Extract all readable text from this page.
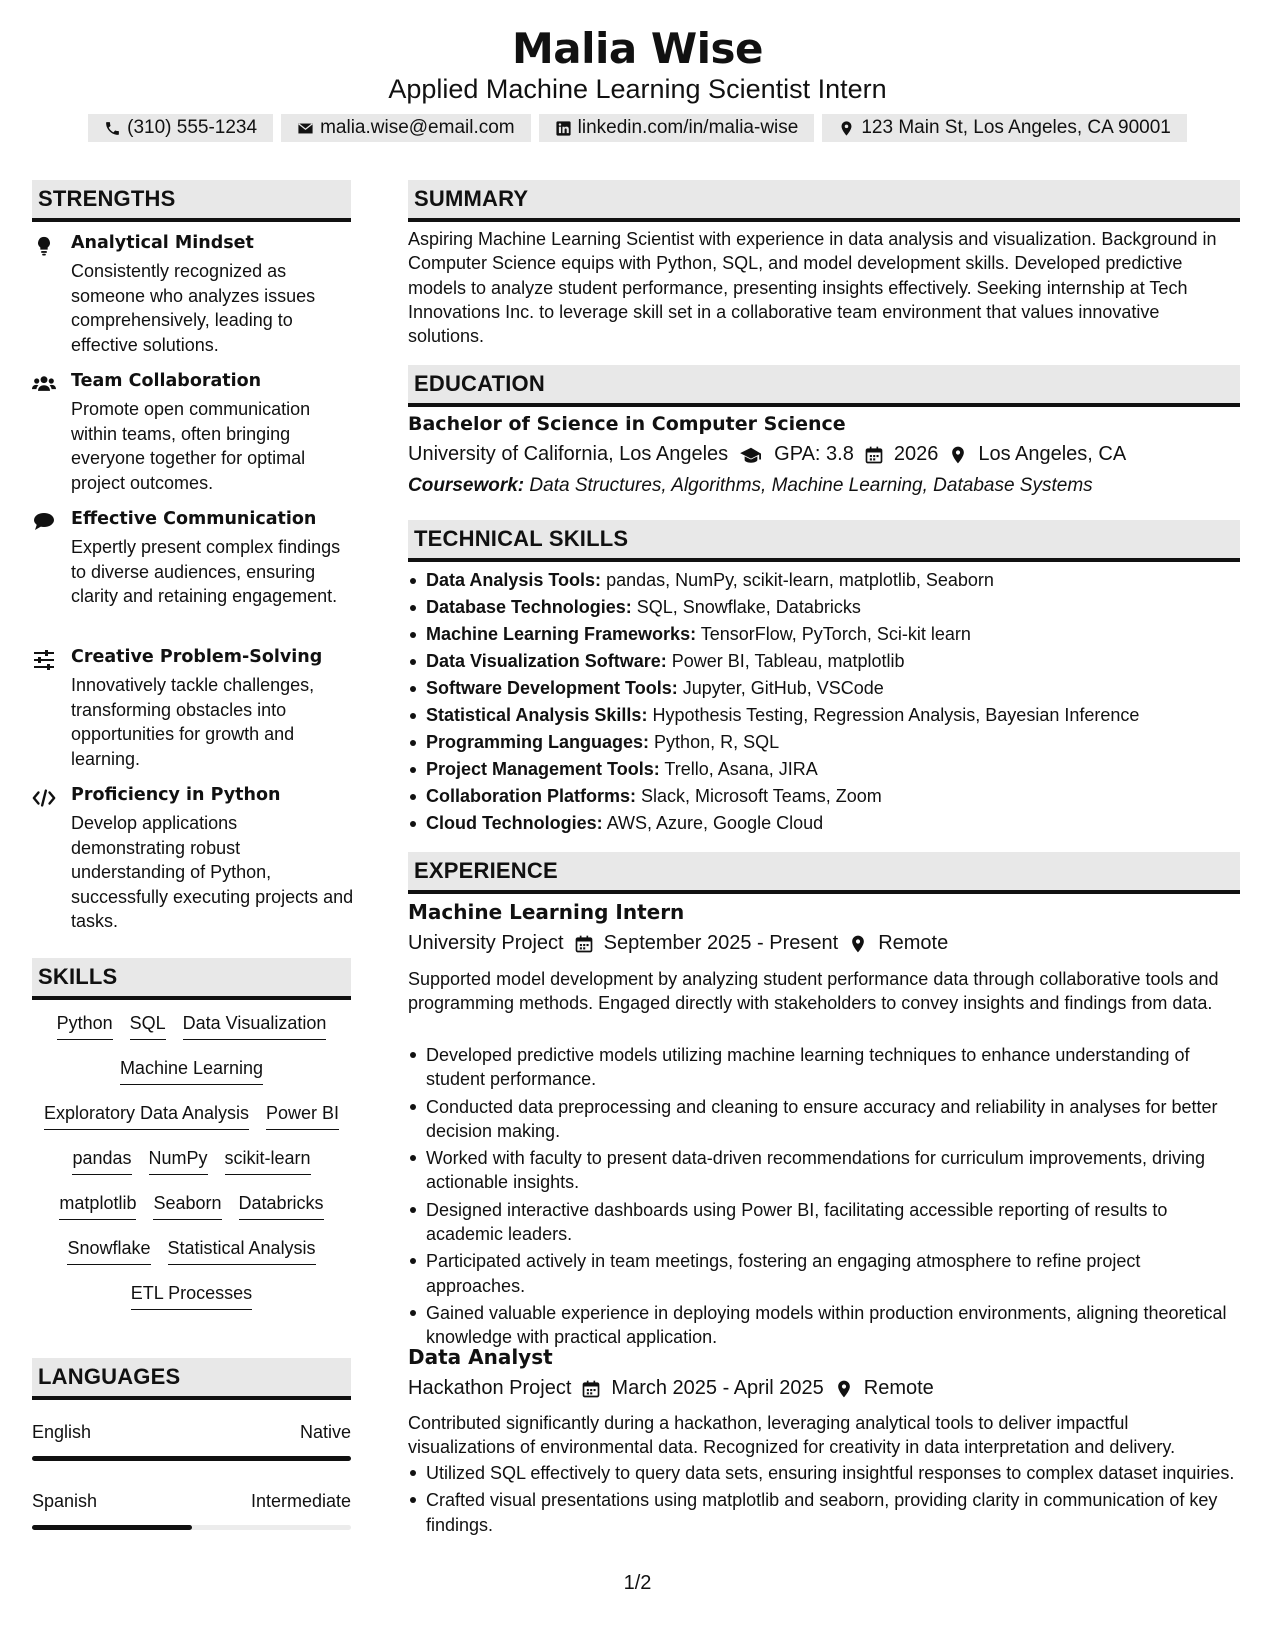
Malia Wise
Applied Machine Learning Scientist Intern
(310) 555-1234	malia.wise@email.com	linkedin.com/in/malia-wise	123 Main St, Los Angeles, CA 90001
STRENGTHS
Analytical Mindset
Consistently recognized as someone who analyzes issues comprehensively, leading to effective solutions.
Team Collaboration
Promote open communication within teams, often bringing everyone together for optimal project outcomes.
Effective Communication
Expertly present complex findings to diverse audiences, ensuring clarity and retaining engagement.
Creative Problem-Solving
Innovatively tackle challenges, transforming obstacles into opportunities for growth and learning.
Proficiency in Python
Develop applications demonstrating robust understanding of Python, successfully executing projects and tasks.
SKILLS
Python SQL Data Visualization
Machine Learning
Exploratory Data Analysis Power BI
pandas NumPy scikit-learn
matplotlib Seaborn Databricks
Snowflake Statistical Analysis
ETL Processes
LANGUAGES
English	Native
Spanish	Intermediate
SUMMARY
Aspiring Machine Learning Scientist with experience in data analysis and visualization. Background in Computer Science equips with Python, SQL, and model development skills. Developed predictive models to analyze student performance, presenting insights effectively. Seeking internship at Tech Innovations Inc. to leverage skill set in a collaborative team environment that values innovative solutions.
EDUCATION
Bachelor of Science in Computer Science
University of California, Los Angeles GPA: 3.8 2026 Los Angeles, CA
Coursework: Data Structures, Algorithms, Machine Learning, Database Systems
TECHNICAL SKILLS
Data Analysis Tools: pandas, NumPy, scikit-learn, matplotlib, Seaborn
Database Technologies: SQL, Snowflake, Databricks
Machine Learning Frameworks: TensorFlow, PyTorch, Sci-kit learn
Data Visualization Software: Power BI, Tableau, matplotlib
Software Development Tools: Jupyter, GitHub, VSCode
Statistical Analysis Skills: Hypothesis Testing, Regression Analysis, Bayesian Inference
Programming Languages: Python, R, SQL
Project Management Tools: Trello, Asana, JIRA
Collaboration Platforms: Slack, Microsoft Teams, Zoom
Cloud Technologies: AWS, Azure, Google Cloud
EXPERIENCE
Machine Learning Intern
University Project September 2025 - Present Remote
Supported model development by analyzing student performance data through collaborative tools and programming methods. Engaged directly with stakeholders to convey insights and findings from data.
Developed predictive models utilizing machine learning techniques to enhance understanding of student performance.
Conducted data preprocessing and cleaning to ensure accuracy and reliability in analyses for better decision making.
Worked with faculty to present data-driven recommendations for curriculum improvements, driving actionable insights.
Designed interactive dashboards using Power BI, facilitating accessible reporting of results to academic leaders.
Participated actively in team meetings, fostering an engaging atmosphere to refine project approaches.
Gained valuable experience in deploying models within production environments, aligning theoretical knowledge with practical application.
Data Analyst
Hackathon Project March 2025 - April 2025 Remote
Contributed significantly during a hackathon, leveraging analytical tools to deliver impactful visualizations of environmental data. Recognized for creativity in data interpretation and delivery.
Utilized SQL effectively to query data sets, ensuring insightful responses to complex dataset inquiries.
Crafted visual presentations using matplotlib and seaborn, providing clarity in communication of key findings.
1/2
